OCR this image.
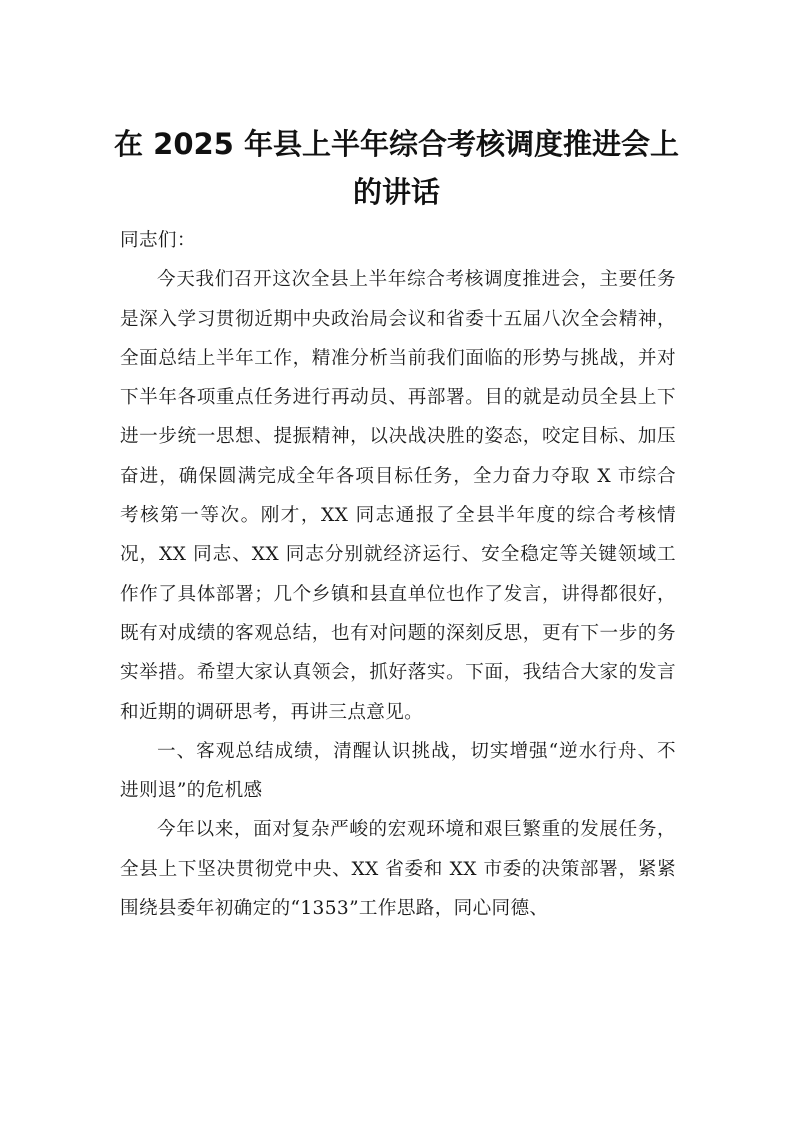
在 2025 年县上半年综合考核调度推进会上的讲话

同志们：

今天我们召开这次全县上半年综合考核调度推进会，主要任务是深入学习贯彻近期中央政治局会议和省委十五届八次全会精神，全面总结上半年工作，精准分析当前我们面临的形势与挑战，并对下半年各项重点任务进行再动员、再部署。目的就是动员全县上下进一步统一思想、提振精神，以决战决胜的姿态，咬定目标、加压奋进，确保圆满完成全年各项目标任务，全力奋力夺取 X 市综合考核第一等次。刚才，XX 同志通报了全县半年度的综合考核情况，XX 同志、XX 同志分别就经济运行、安全稳定等关键领域工作作了具体部署；几个乡镇和县直单位也作了发言，讲得都很好，既有对成绩的客观总结，也有对问题的深刻反思，更有下一步的务实举措。希望大家认真领会，抓好落实。下面，我结合大家的发言和近期的调研思考，再讲三点意见。

一、客观总结成绩，清醒认识挑战，切实增强“逆水行舟、不进则退”的危机感

今年以来，面对复杂严峻的宏观环境和艰巨繁重的发展任务，全县上下坚决贯彻党中央、XX 省委和 XX 市委的决策部署，紧紧围绕县委年初确定的“1353”工作思路，同心同德、
